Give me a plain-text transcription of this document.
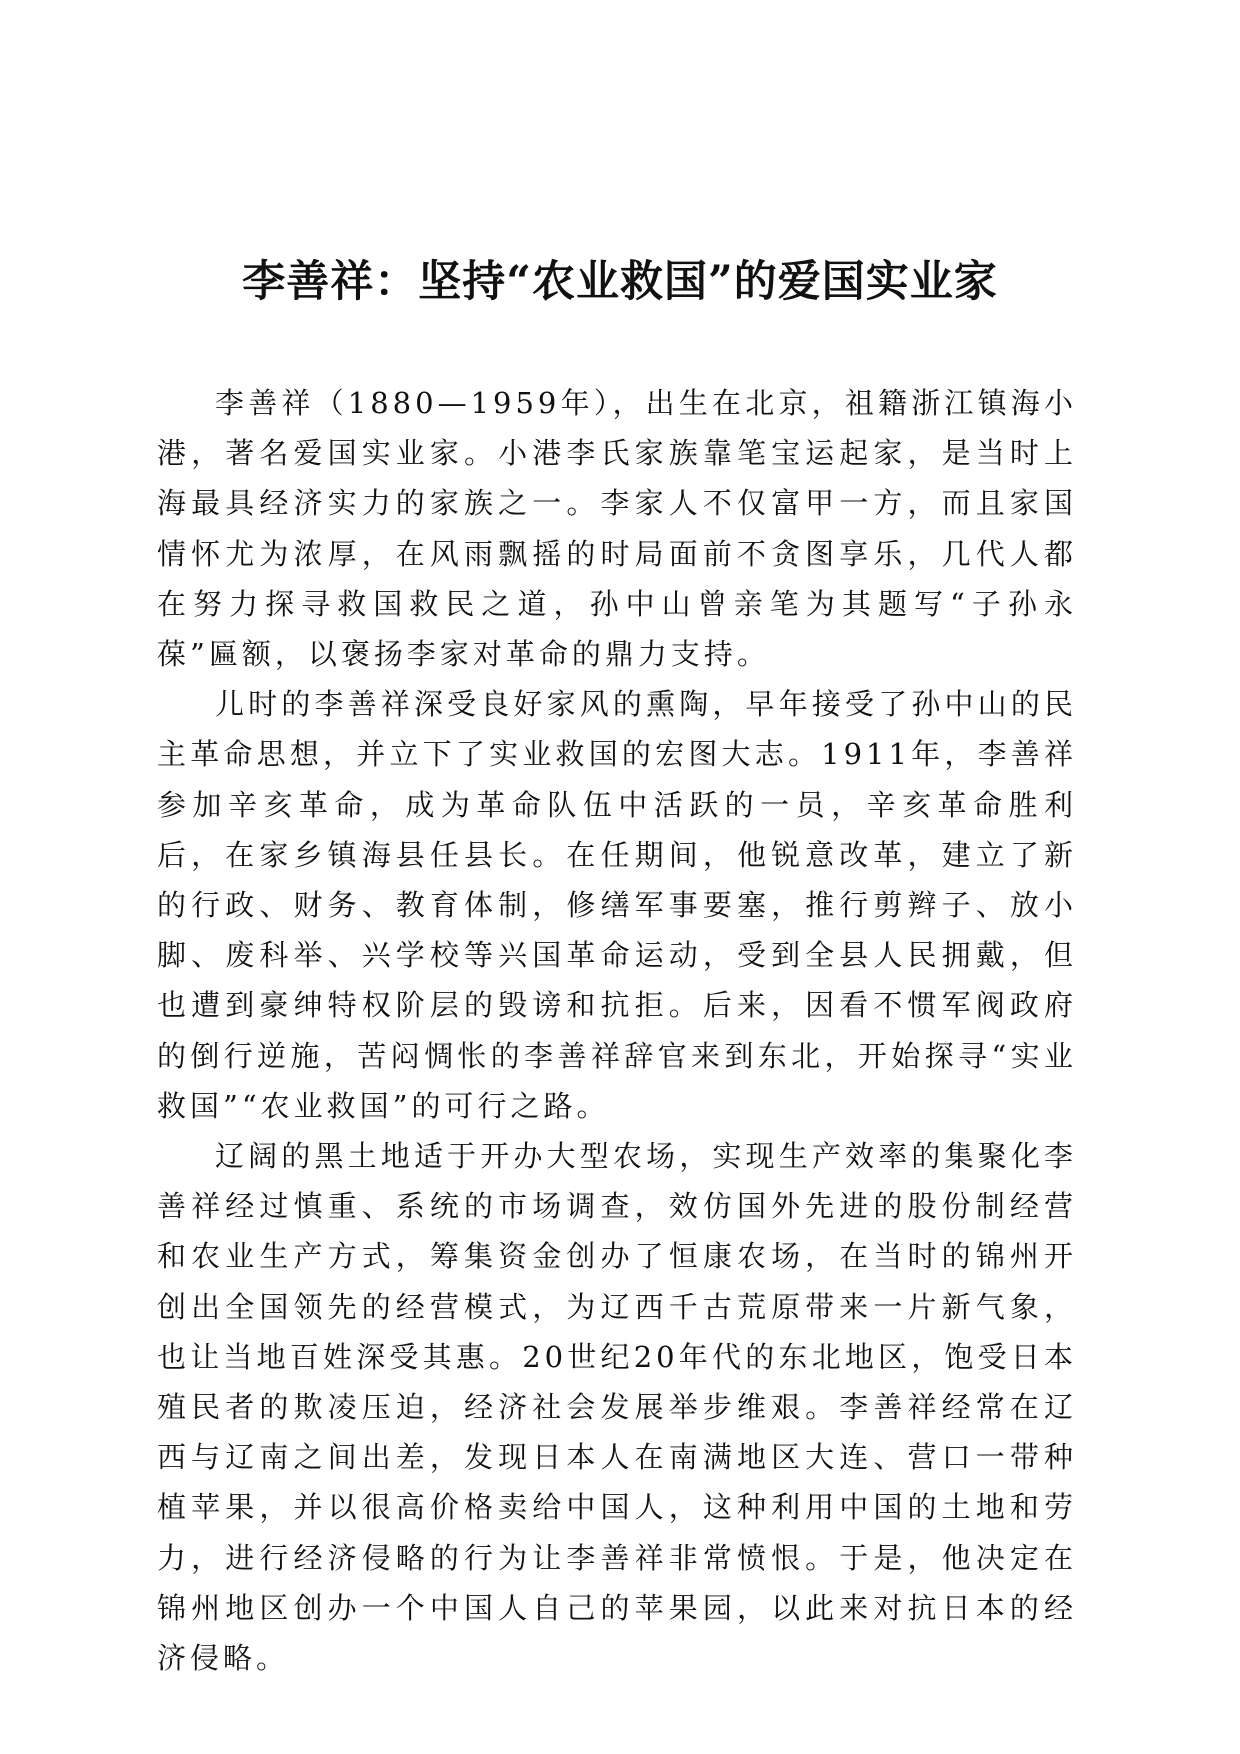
李善祥：坚持“农业救国”的爱国实业家

李善祥（1880—1959年），出生在北京，祖籍浙江镇海小港，著名爱国实业家。小港李氏家族靠笔宝运起家，是当时上海最具经济实力的家族之一。李家人不仅富甲一方，而且家国情怀尤为浓厚，在风雨飘摇的时局面前不贪图享乐，几代人都在努力探寻救国救民之道，孙中山曾亲笔为其题写“子孙永葆”匾额，以褒扬李家对革命的鼎力支持。

儿时的李善祥深受良好家风的熏陶，早年接受了孙中山的民主革命思想，并立下了实业救国的宏图大志。1911年，李善祥参加辛亥革命，成为革命队伍中活跃的一员，辛亥革命胜利后，在家乡镇海县任县长。在任期间，他锐意改革，建立了新的行政、财务、教育体制，修缮军事要塞，推行剪辫子、放小脚、废科举、兴学校等兴国革命运动，受到全县人民拥戴，但也遭到豪绅特权阶层的毁谤和抗拒。后来，因看不惯军阀政府的倒行逆施，苦闷惆怅的李善祥辞官来到东北，开始探寻“实业救国”“农业救国”的可行之路。

辽阔的黑土地适于开办大型农场，实现生产效率的集聚化李善祥经过慎重、系统的市场调查，效仿国外先进的股份制经营和农业生产方式，筹集资金创办了恒康农场，在当时的锦州开创出全国领先的经营模式，为辽西千古荒原带来一片新气象，也让当地百姓深受其惠。20世纪20年代的东北地区，饱受日本殖民者的欺凌压迫，经济社会发展举步维艰。李善祥经常在辽西与辽南之间出差，发现日本人在南满地区大连、营口一带种植苹果，并以很高价格卖给中国人，这种利用中国的土地和劳力，进行经济侵略的行为让李善祥非常愤恨。于是，他决定在锦州地区创办一个中国人自己的苹果园，以此来对抗日本的经济侵略。
